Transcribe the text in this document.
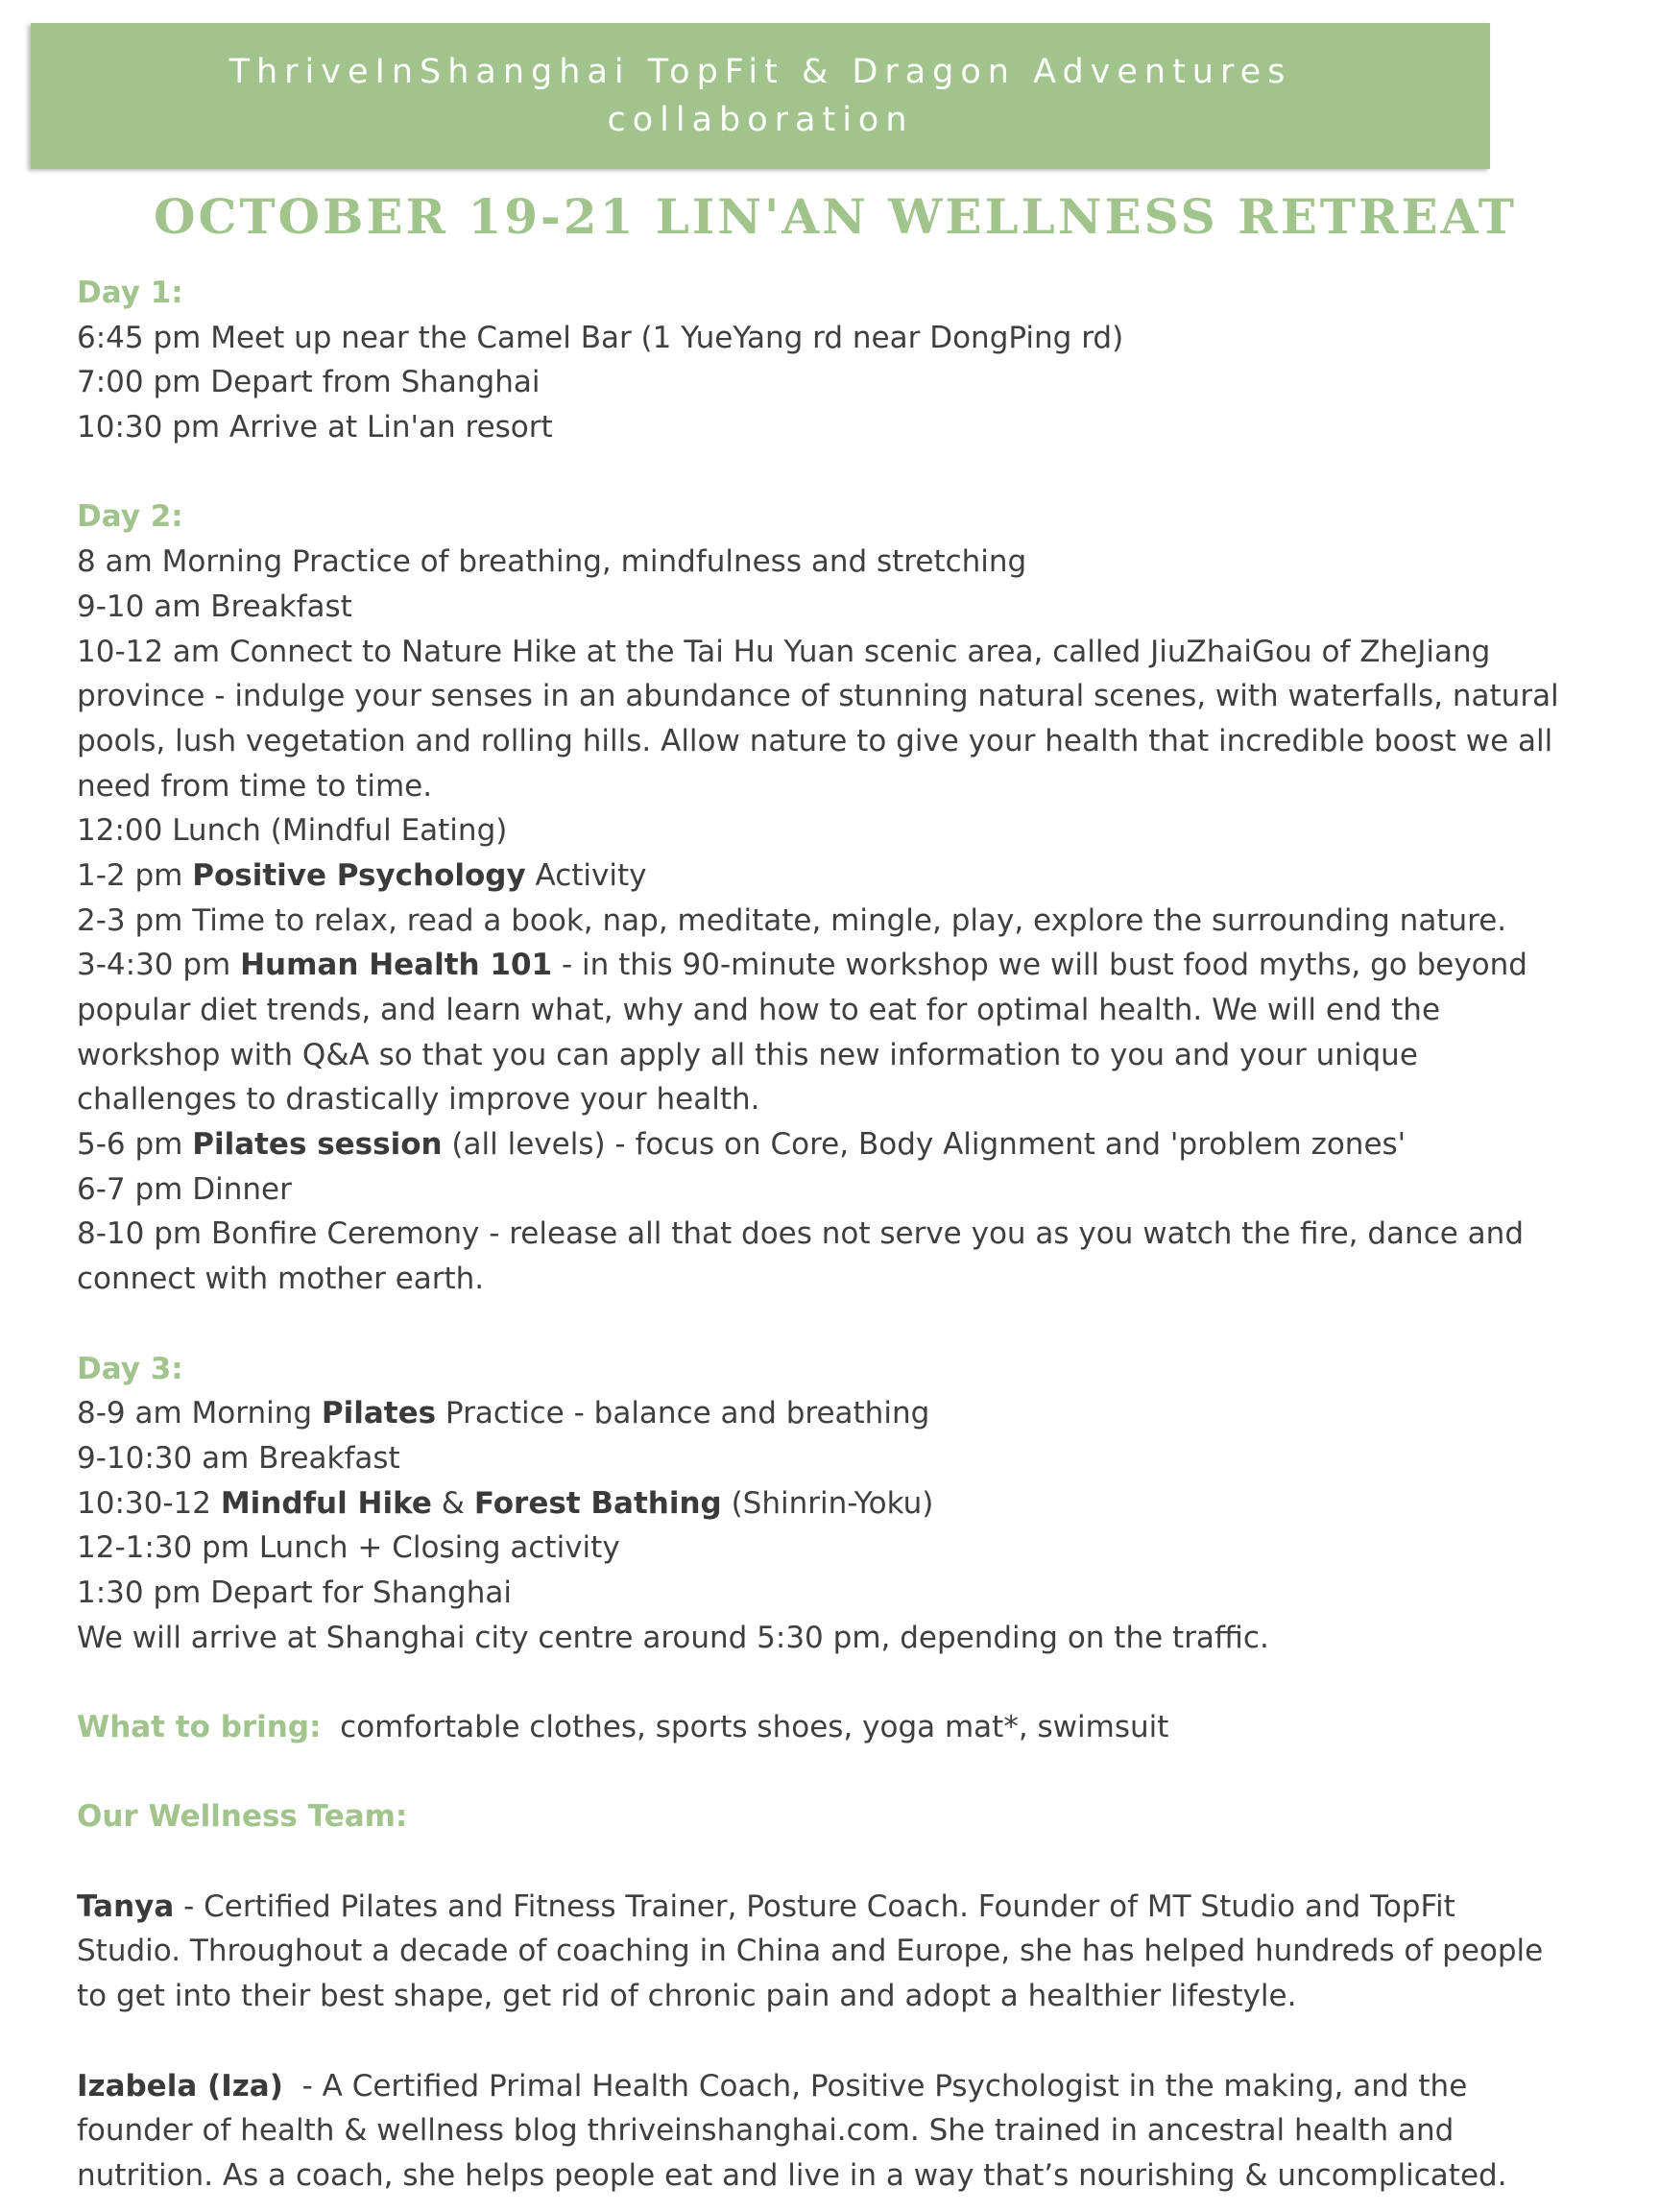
ThriveInShanghai TopFit & Dragon Adventures
collaboration
OCTOBER 19-21 LIN'AN WELLNESS RETREAT
Day 1:
6:45 pm Meet up near the Camel Bar (1 YueYang rd near DongPing rd)
7:00 pm Depart from Shanghai
10:30 pm Arrive at Lin'an resort
Day 2:
8 am Morning Practice of breathing, mindfulness and stretching
9-10 am Breakfast
10-12 am Connect to Nature Hike at the Tai Hu Yuan scenic area, called JiuZhaiGou of ZheJiang
province - indulge your senses in an abundance of stunning natural scenes, with waterfalls, natural
pools, lush vegetation and rolling hills. Allow nature to give your health that incredible boost we all
need from time to time.
12:00 Lunch (Mindful Eating)
1-2 pm Positive Psychology Activity
2-3 pm Time to relax, read a book, nap, meditate, mingle, play, explore the surrounding nature.
3-4:30 pm Human Health 101 - in this 90-minute workshop we will bust food myths, go beyond
popular diet trends, and learn what, why and how to eat for optimal health. We will end the
workshop with Q&A so that you can apply all this new information to you and your unique
challenges to drastically improve your health.
5-6 pm Pilates session (all levels) - focus on Core, Body Alignment and 'problem zones'
6-7 pm Dinner
8-10 pm Bonfire Ceremony - release all that does not serve you as you watch the fire, dance and
connect with mother earth.
Day 3:
8-9 am Morning Pilates Practice - balance and breathing
9-10:30 am Breakfast
10:30-12 Mindful Hike & Forest Bathing (Shinrin-Yoku)
12-1:30 pm Lunch + Closing activity
1:30 pm Depart for Shanghai
We will arrive at Shanghai city centre around 5:30 pm, depending on the traffic.
What to bring:  comfortable clothes, sports shoes, yoga mat*, swimsuit
Our Wellness Team:
Tanya - Certified Pilates and Fitness Trainer, Posture Coach. Founder of MT Studio and TopFit
Studio. Throughout a decade of coaching in China and Europe, she has helped hundreds of people
to get into their best shape, get rid of chronic pain and adopt a healthier lifestyle.
Izabela (Iza)  - A Certified Primal Health Coach, Positive Psychologist in the making, and the
founder of health & wellness blog thriveinshanghai.com. She trained in ancestral health and
nutrition. As a coach, she helps people eat and live in a way that’s nourishing & uncomplicated.
